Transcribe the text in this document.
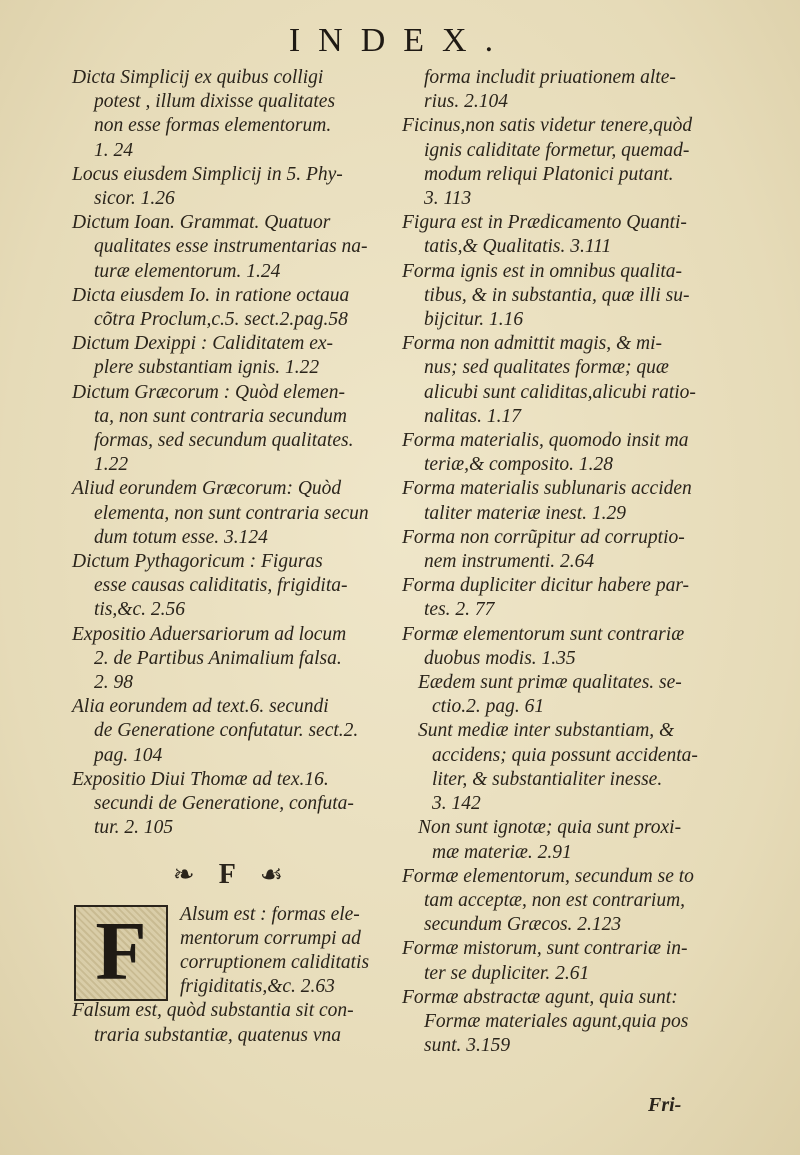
INDEX.
Dicta Simplicij ex quibus colligi
potest , illum dixisse qualitates
non esse formas elementorum.
1. 24
Locus eiusdem Simplicij in 5. Phy-
sicor. 1.26
Dictum Ioan. Grammat. Quatuor
qualitates esse instrumentarias na-
turæ elementorum. 1.24
Dicta eiusdem Io. in ratione octaua
cõtra Proclum,c.5. sect.2.pag.58
Dictum Dexippi : Caliditatem ex-
plere substantiam ignis. 1.22
Dictum Græcorum : Quòd elemen-
ta, non sunt contraria secundum
formas, sed secundum qualitates.
1.22
Aliud eorundem Græcorum: Quòd
elementa, non sunt contraria secun
dum totum esse. 3.124
Dictum Pythagoricum : Figuras
esse causas caliditatis, frigidita-
tis,&c. 2.56
Expositio Aduersariorum ad locum
2. de Partibus Animalium falsa.
2. 98
Alia eorundem ad text.6. secundi
de Generatione confutatur. sect.2.
pag. 104
Expositio Diui Thomæ ad tex.16.
secundi de Generatione, confuta-
tur. 2. 105
❧ F ☙
F	Alsum est : formas ele-
mentorum corrumpi ad
corruptionem caliditatis
frigiditatis,&c. 2.63
Falsum est, quòd substantia sit con-
traria substantiæ, quatenus vna
forma includit priuationem alte-
rius. 2.104
Ficinus,non satis videtur tenere,quòd
ignis caliditate formetur, quemad-
modum reliqui Platonici putant.
3. 113
Figura est in Prædicamento Quanti-
tatis,& Qualitatis. 3.111
Forma ignis est in omnibus qualita-
tibus, & in substantia, quæ illi su-
bijcitur. 1.16
Forma non admittit magis, & mi-
nus; sed qualitates formæ; quæ
alicubi sunt caliditas,alicubi ratio-
nalitas. 1.17
Forma materialis, quomodo insit ma
teriæ,& composito. 1.28
Forma materialis sublunaris acciden
taliter materiæ inest. 1.29
Forma non corrũpitur ad corruptio-
nem instrumenti. 2.64
Forma dupliciter dicitur habere par-
tes. 2. 77
Formæ elementorum sunt contrariæ
duobus modis. 1.35
Eædem sunt primæ qualitates. se-
ctio.2. pag. 61
Sunt mediæ inter substantiam, &
accidens; quia possunt accidenta-
liter, & substantialiter inesse.
3. 142
Non sunt ignotæ; quia sunt proxi-
mæ materiæ. 2.91
Formæ elementorum, secundum se to
tam acceptæ, non est contrarium,
secundum Græcos. 2.123
Formæ mistorum, sunt contrariæ in-
ter se dupliciter. 2.61
Formæ abstractæ agunt, quia sunt:
Formæ materiales agunt,quia pos
sunt. 3.159
Fri-
